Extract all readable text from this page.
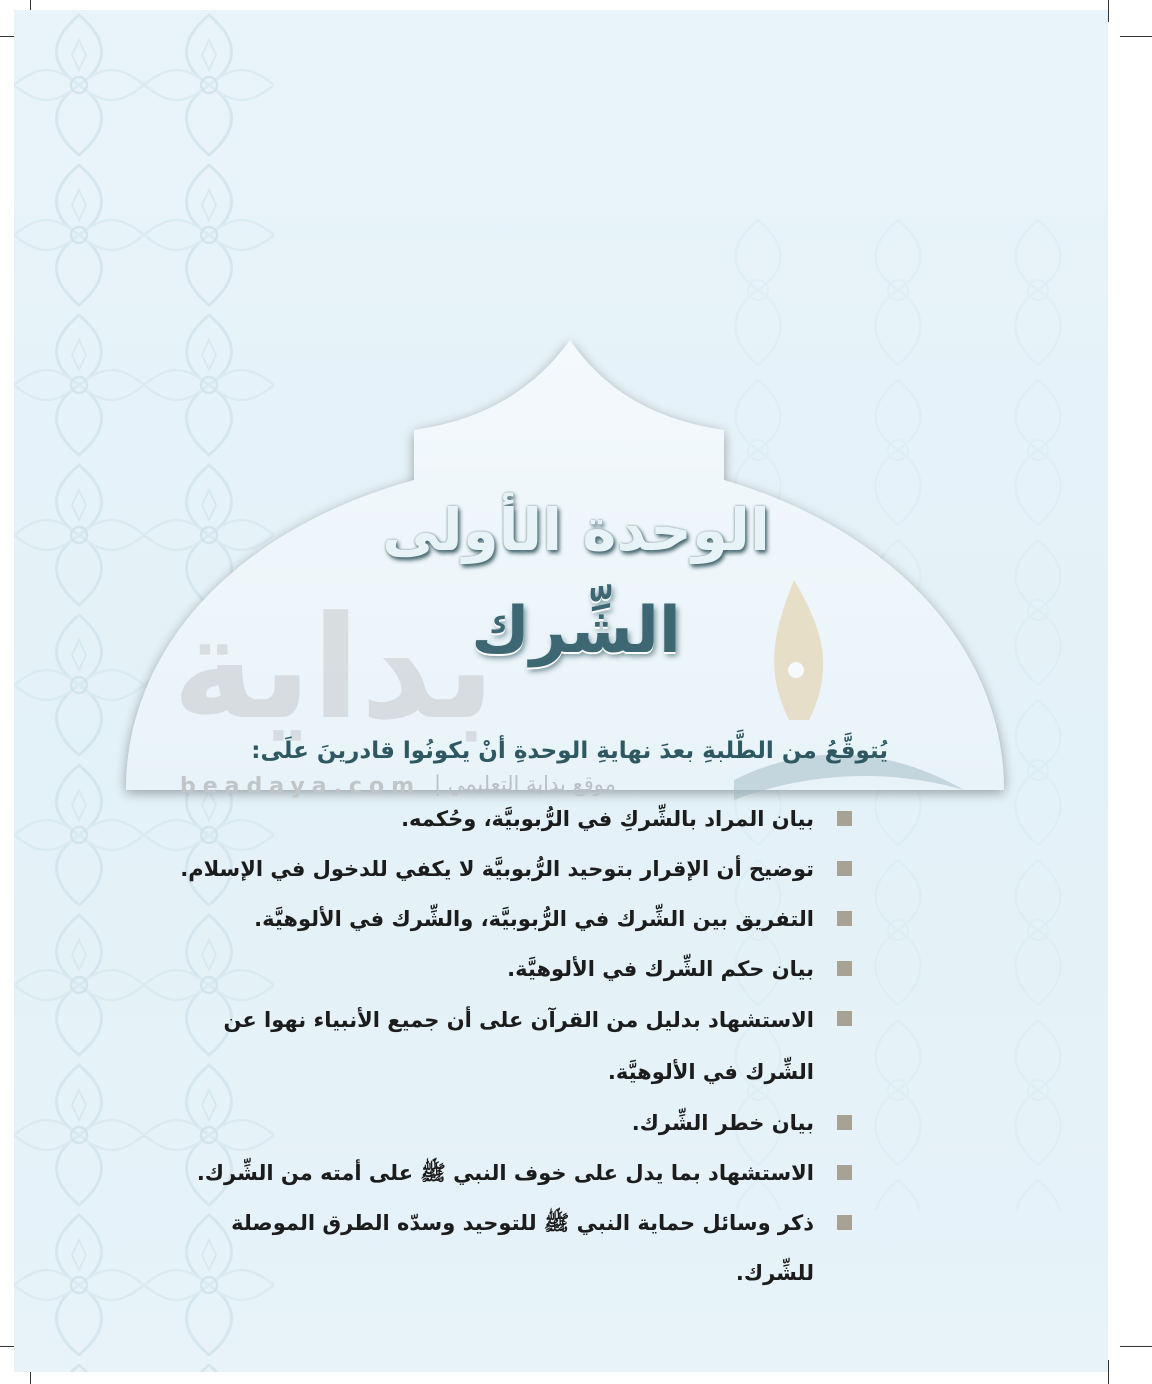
بداية
beadaya.com موقع بداية التعليمي |
الوحدة الأولى
الشِّرك
يُتوقَّعُ من الطَّلبةِ بعدَ نهايةِ الوحدةِ أنْ يكونُوا قادرينَ علَى:
بيان المراد بالشِّركِ في الرُّبوبيَّة، وحُكمه.
توضيح أن الإقرار بتوحيد الرُّبوبيَّة لا يكفي للدخول في الإسلام.
التفريق بين الشِّرك في الرُّبوبيَّة، والشِّرك في الألوهيَّة.
بيان حكم الشِّرك في الألوهيَّة.
الاستشهاد بدليل من القرآن على أن جميع الأنبياء نهوا عن الشِّرك في الألوهيَّة.
بيان خطر الشِّرك.
الاستشهاد بما يدل على خوف النبي ﷺ على أمته من الشِّرك.
ذكر وسائل حماية النبي ﷺ للتوحيد وسدّه الطرق الموصلة للشِّرك.
